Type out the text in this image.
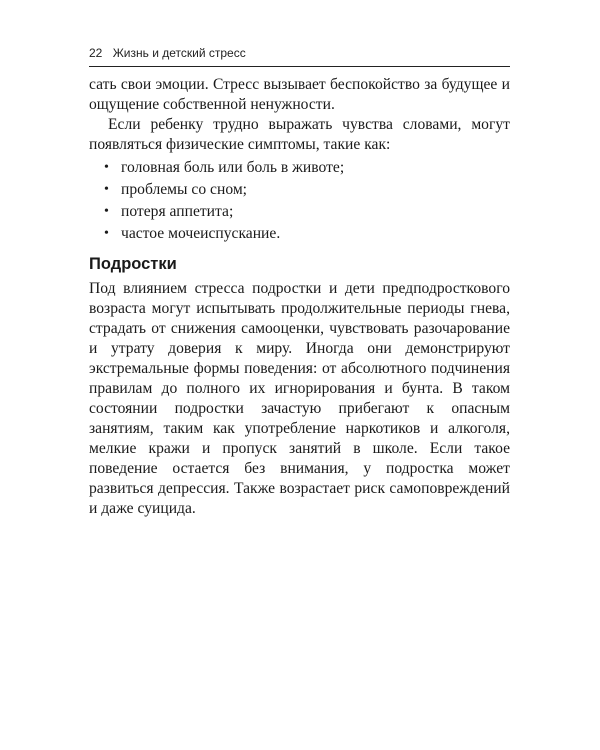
22 Жизнь и детский стресс

сать свои эмоции. Стресс вызывает беспокойство за будущее и ощущение собственной ненужности.

Если ребенку трудно выражать чувства словами, могут появляться физические симптомы, такие как:

• головная боль или боль в животе;
• проблемы со сном;
• потеря аппетита;
• частое мочеиспускание.
Подростки

Под влиянием стресса подростки и дети предподросткового возраста могут испытывать продолжительные периоды гнева, страдать от снижения самооценки, чувствовать разочарование и утрату доверия к миру. Иногда они демонстрируют экстремальные формы поведения: от абсолютного подчинения правилам до полного их игнорирования и бунта. В таком состоянии подростки зачастую прибегают к опасным занятиям, таким как употребление наркотиков и алкоголя, мелкие кражи и пропуск занятий в школе. Если такое поведение остается без внимания, у подростка может развиться депрессия. Также возрастает риск самоповреждений и даже суицида.
